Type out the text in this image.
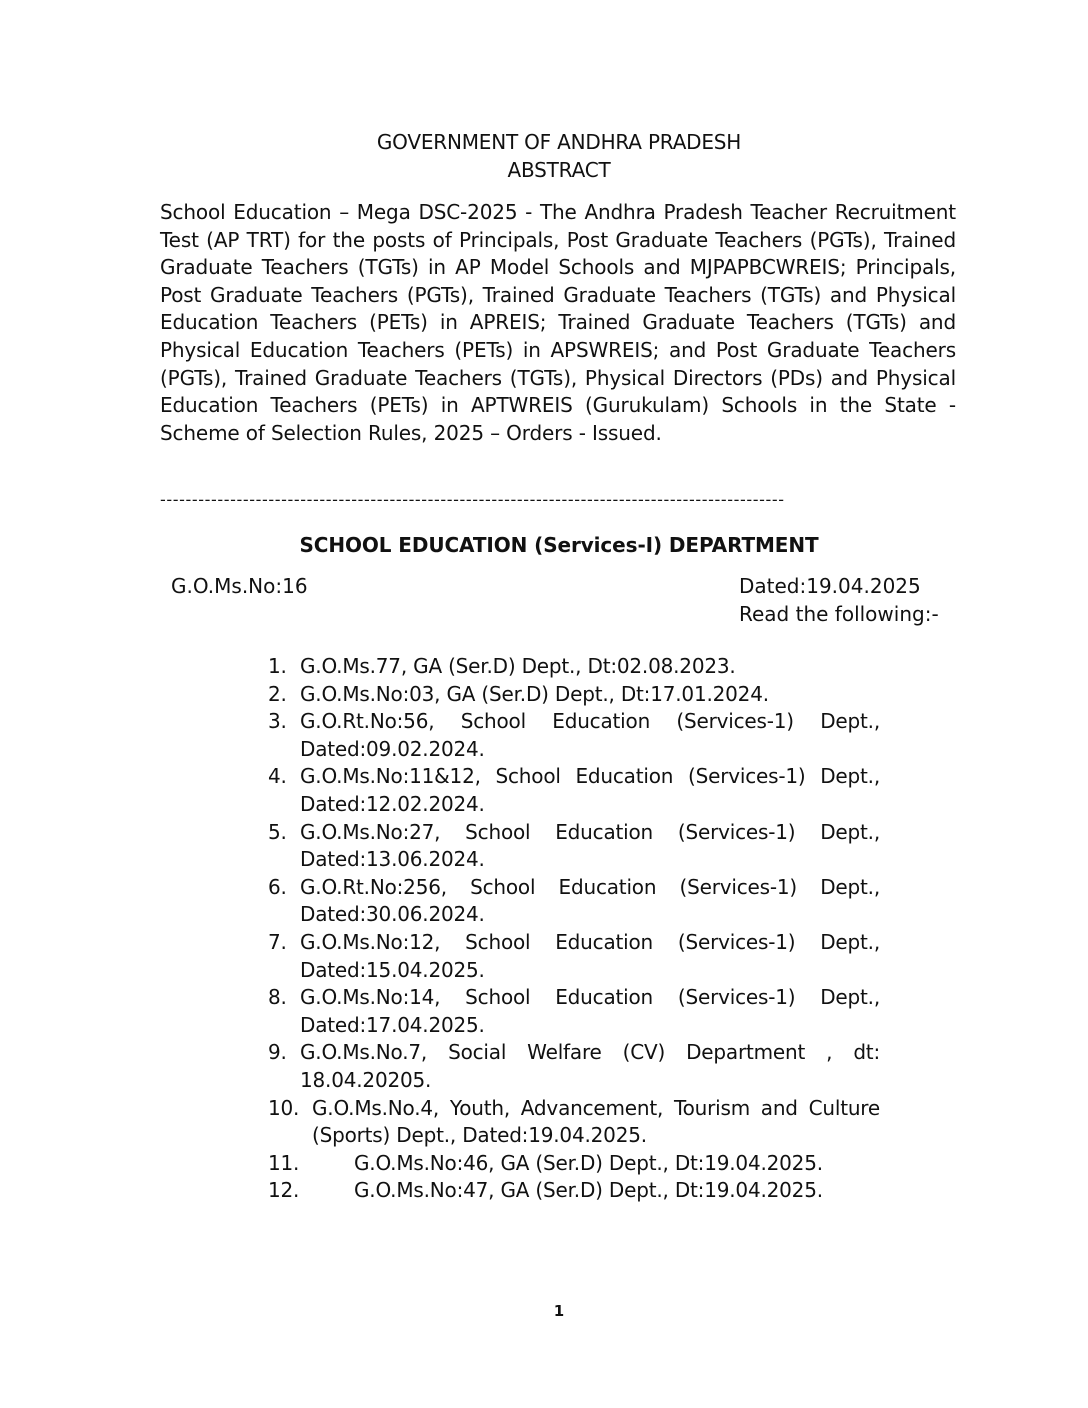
GOVERNMENT OF ANDHRA PRADESH
ABSTRACT

School Education – Mega DSC-2025 - The Andhra Pradesh Teacher Recruitment Test (AP TRT) for the posts of Principals, Post Graduate Teachers (PGTs), Trained Graduate Teachers (TGTs) in AP Model Schools and MJPAPBCWREIS; Principals, Post Graduate Teachers (PGTs), Trained Graduate Teachers (TGTs) and Physical Education Teachers (PETs) in APREIS; Trained Graduate Teachers (TGTs) and Physical Education Teachers (PETs) in APSWREIS; and Post Graduate Teachers (PGTs), Trained Graduate Teachers (TGTs), Physical Directors (PDs) and Physical Education Teachers (PETs) in APTWREIS (Gurukulam) Schools in the State - Scheme of Selection Rules, 2025 – Orders - Issued.

--------------------------------------------------------------------------------------------------
SCHOOL EDUCATION (Services-I) DEPARTMENT
G.O.Ms.No:16	Dated:19.04.2025
Read the following:-
1. G.O.Ms.77, GA (Ser.D) Dept., Dt:02.08.2023.
2. G.O.Ms.No:03, GA (Ser.D) Dept., Dt:17.01.2024.
3. G.O.Rt.No:56, School Education (Services-1) Dept., Dated:09.02.2024.
4. G.O.Ms.No:11&12, School Education (Services-1) Dept., Dated:12.02.2024.
5. G.O.Ms.No:27, School Education (Services-1) Dept., Dated:13.06.2024.
6. G.O.Rt.No:256, School Education (Services-1) Dept., Dated:30.06.2024.
7. G.O.Ms.No:12, School Education (Services-1) Dept., Dated:15.04.2025.
8. G.O.Ms.No:14, School Education (Services-1) Dept., Dated:17.04.2025.
9. G.O.Ms.No.7, Social Welfare (CV) Department , dt: 18.04.20205.
10. G.O.Ms.No.4, Youth, Advancement, Tourism and Culture (Sports) Dept., Dated:19.04.2025.
11.	G.O.Ms.No:46, GA (Ser.D) Dept., Dt:19.04.2025.
12.	G.O.Ms.No:47, GA (Ser.D) Dept., Dt:19.04.2025.
1
